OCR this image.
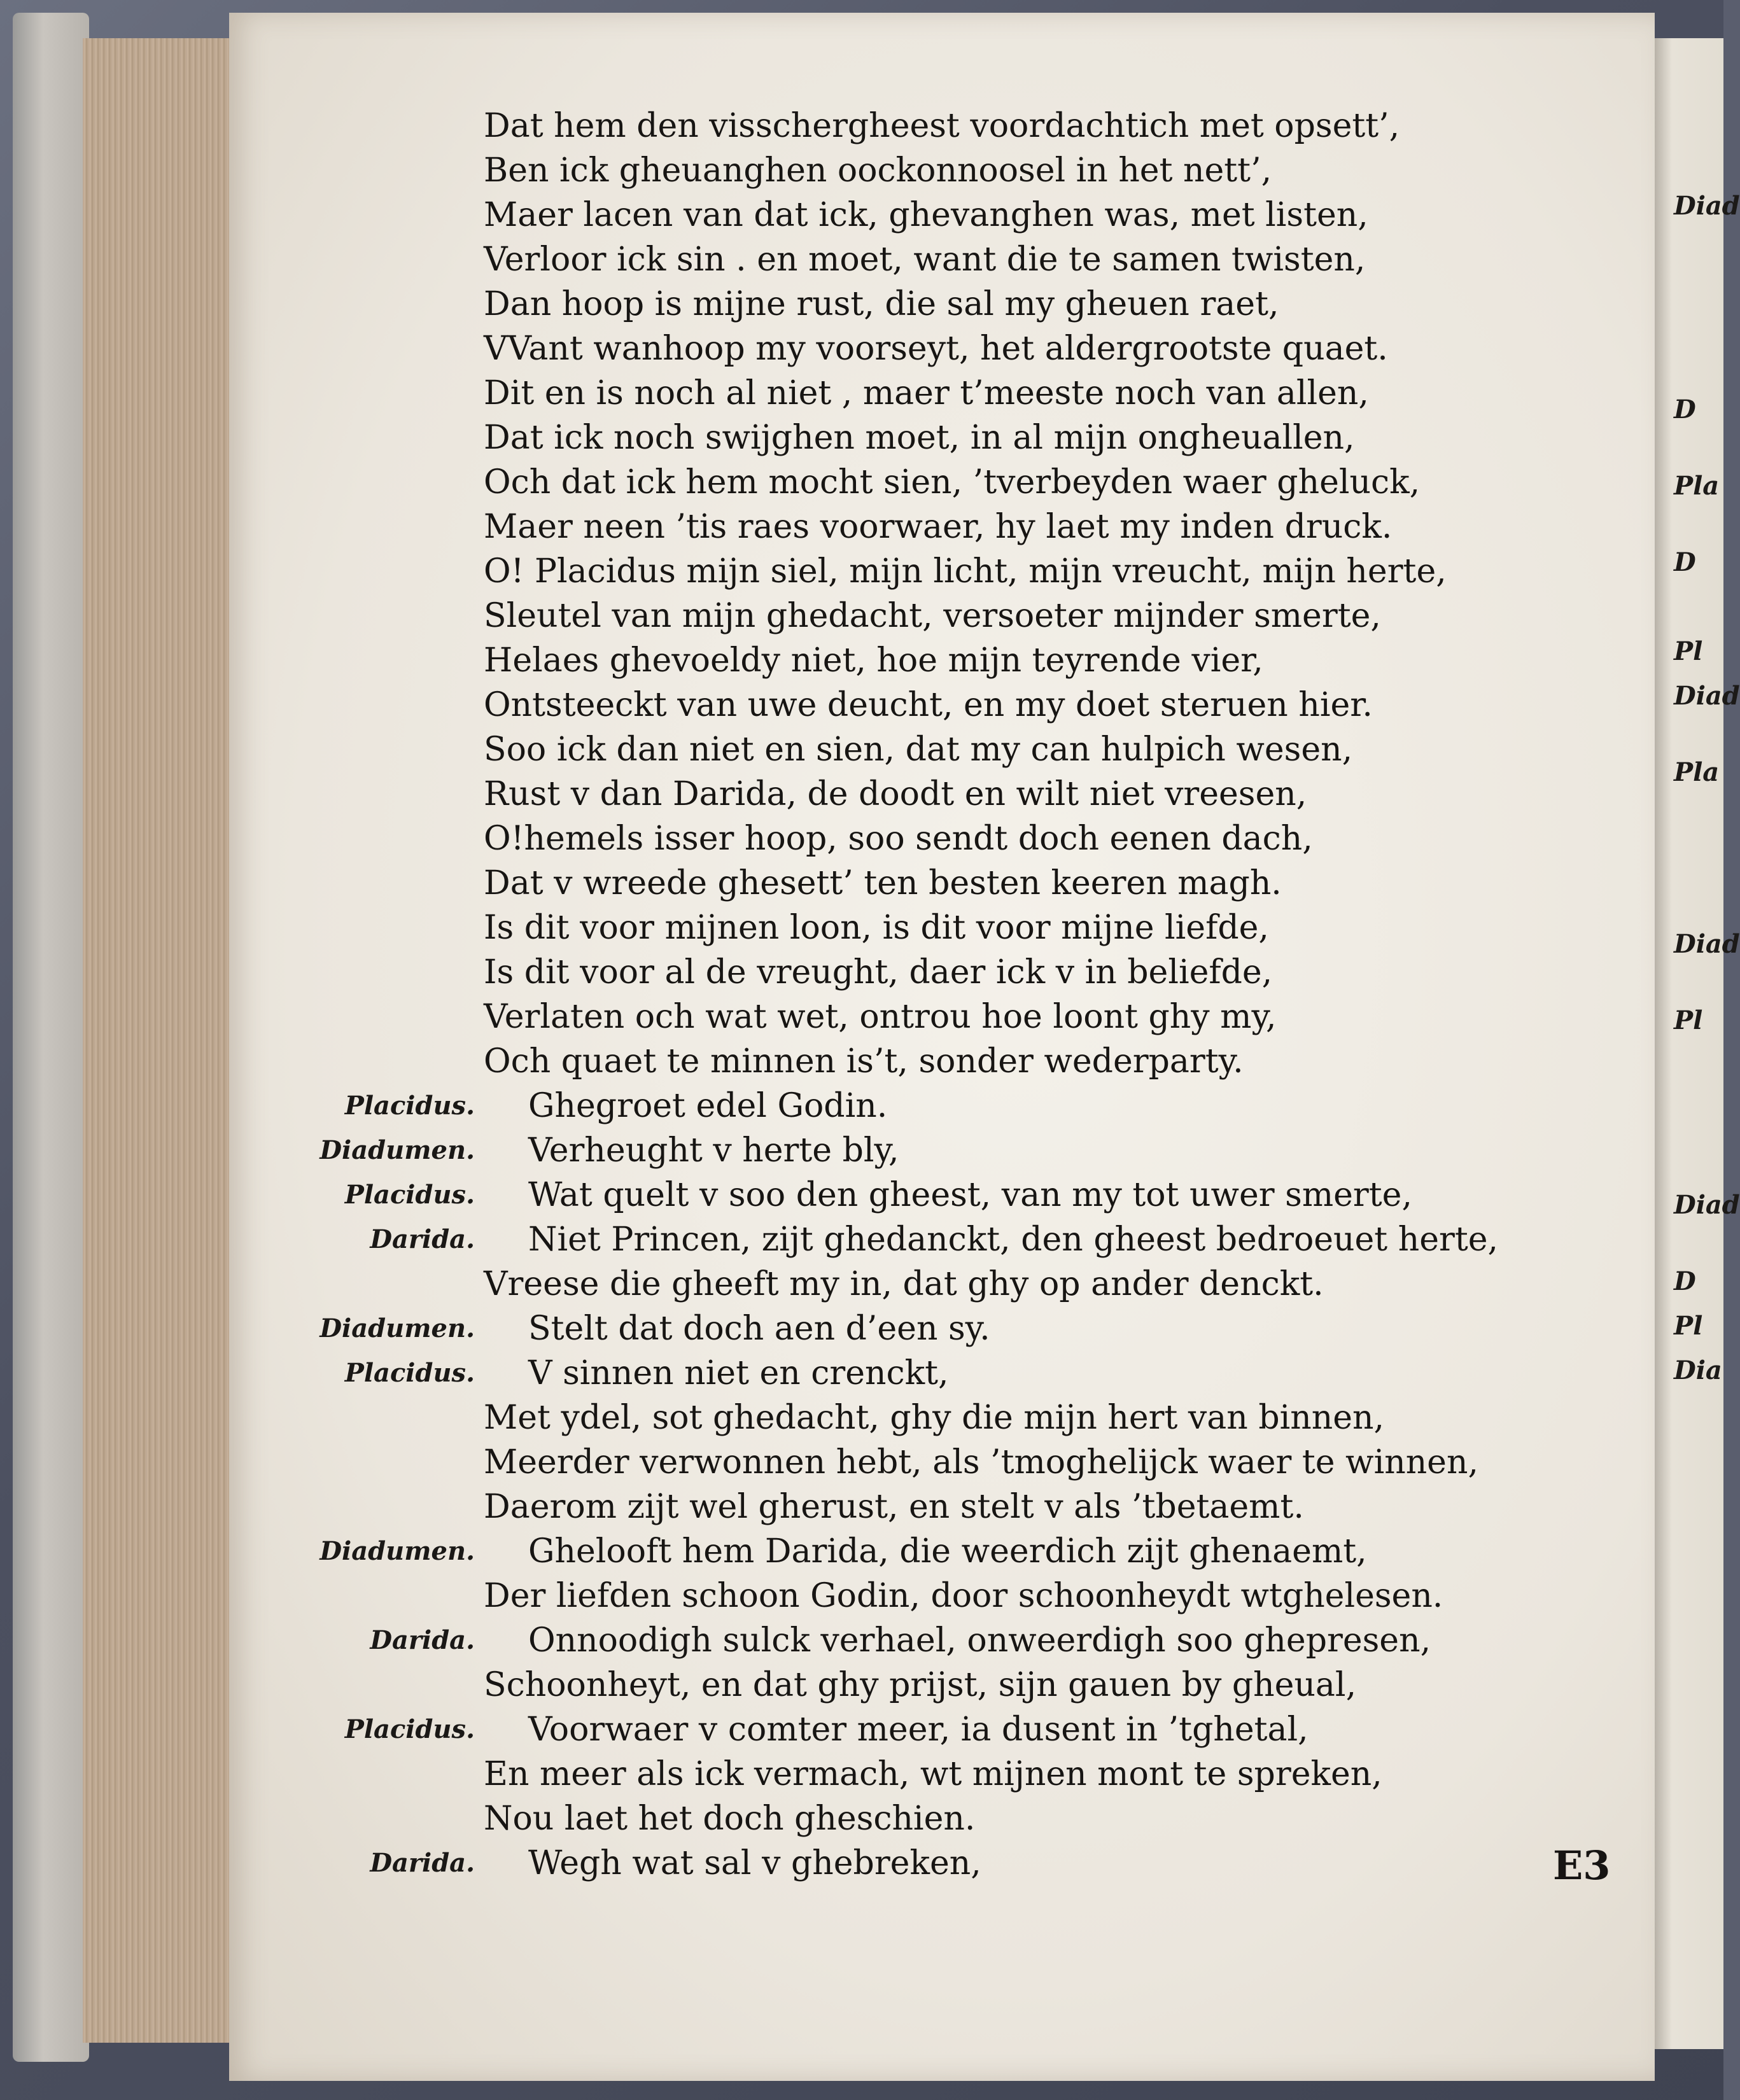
Diad
D
Pla
D
Pl
Diad
Pla
Diad
Pl
Diad
D
Pl
Dia
Dat hem den visschergheest voordachtich met opsett’,
Ben ick gheuanghen oockonnoosel in het nett’,
Maer lacen van dat ick, ghevanghen was, met listen,
Verloor ick sin . en moet, want die te samen twisten,
Dan hoop is mijne rust, die sal my gheuen raet,
VVant wanhoop my voorseyt, het aldergrootste quaet.
Dit en is noch al niet , maer t’meeste noch van allen,
Dat ick noch swijghen moet, in al mijn ongheuallen,
Och dat ick hem mocht sien, ’tverbeyden waer gheluck,
Maer neen ’tis raes voorwaer, hy laet my inden druck.
O! Placidus mijn siel, mijn licht, mijn vreucht, mijn herte,
Sleutel van mijn ghedacht, versoeter mijnder smerte,
Helaes ghevoeldy niet, hoe mijn teyrende vier,
Ontsteeckt van uwe deucht, en my doet steruen hier.
Soo ick dan niet en sien, dat my can hulpich wesen,
Rust v dan Darida, de doodt en wilt niet vreesen,
O!hemels isser hoop, soo sendt doch eenen dach,
Dat v wreede ghesett’ ten besten keeren magh.
Is dit voor mijnen loon, is dit voor mijne liefde,
Is dit voor al de vreught, daer ick v in beliefde,
Verlaten och wat wet, ontrou hoe loont ghy my,
Och quaet te minnen is’t, sonder wederparty.
Placidus. Ghegroet edel Godin.
Diadumen. Verheught v herte bly,
Placidus. Wat quelt v soo den gheest, van my tot uwer smerte,
Darida. Niet Princen, zijt ghedanckt, den gheest bedroeuet herte,
Vreese die gheeft my in, dat ghy op ander denckt.
Diadumen. Stelt dat doch aen d’een sy.
Placidus. V sinnen niet en crenckt,
Met ydel, sot ghedacht, ghy die mijn hert van binnen,
Meerder verwonnen hebt, als ’tmoghelijck waer te winnen,
Daerom zijt wel gherust, en stelt v als ’tbetaemt.
Diadumen. Ghelooft hem Darida, die weerdich zijt ghenaemt,
Der liefden schoon Godin, door schoonheydt wtghelesen.
Darida. Onnoodigh sulck verhael, onweerdigh soo ghepresen,
Schoonheyt, en dat ghy prijst, sijn gauen by gheual,
Placidus. Voorwaer v comter meer, ia dusent in ’tghetal,
En meer als ick vermach, wt mijnen mont te spreken,
Nou laet het doch gheschien.
Darida. Wegh wat sal v ghebreken,	E3
